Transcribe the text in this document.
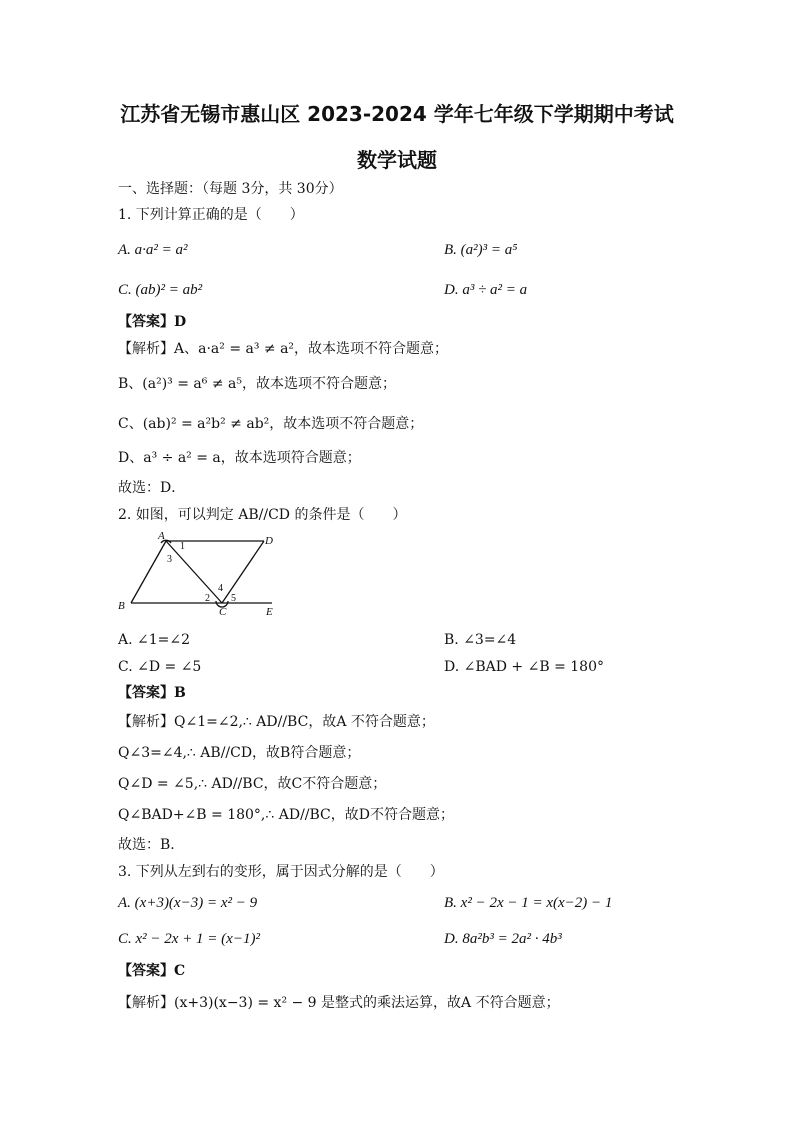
江苏省无锡市惠山区 2023-2024 学年七年级下学期期中考试
数学试题
一、选择题：（每题 3分，共 30分）
1. 下列计算正确的是（　　）
A. a·a² = a²	B. (a²)³ = a⁵
C. (ab)² = ab²	D. a³ ÷ a² = a
【答案】D
【解析】A、a·a² = a³ ≠ a²，故本选项不符合题意；
B、(a²)³ = a⁶ ≠ a⁵，故本选项不符合题意；
C、(ab)² = a²b² ≠ ab²，故本选项不符合题意；
D、a³ ÷ a² = a，故本选项符合题意；
故选：D．
2. 如图，可以判定 AB//CD 的条件是（　　）
A	D
B	C	E
1
3
2
4
5
A. ∠1=∠2	B. ∠3=∠4
C. ∠D = ∠5	D. ∠BAD + ∠B = 180°
【答案】B
【解析】Q∠1=∠2,∴ AD//BC，故A 不符合题意；
Q∠3=∠4,∴ AB//CD，故B符合题意；
Q∠D = ∠5,∴ AD//BC，故C不符合题意；
Q∠BAD+∠B = 180°,∴ AD//BC，故D不符合题意；
故选：B.
3. 下列从左到右的变形，属于因式分解的是（　　）
A. (x+3)(x−3) = x² − 9	B. x² − 2x − 1 = x(x−2) − 1
C. x² − 2x + 1 = (x−1)²	D. 8a²b³ = 2a² · 4b³
【答案】C
【解析】(x+3)(x−3) = x² − 9 是整式的乘法运算，故A 不符合题意；
